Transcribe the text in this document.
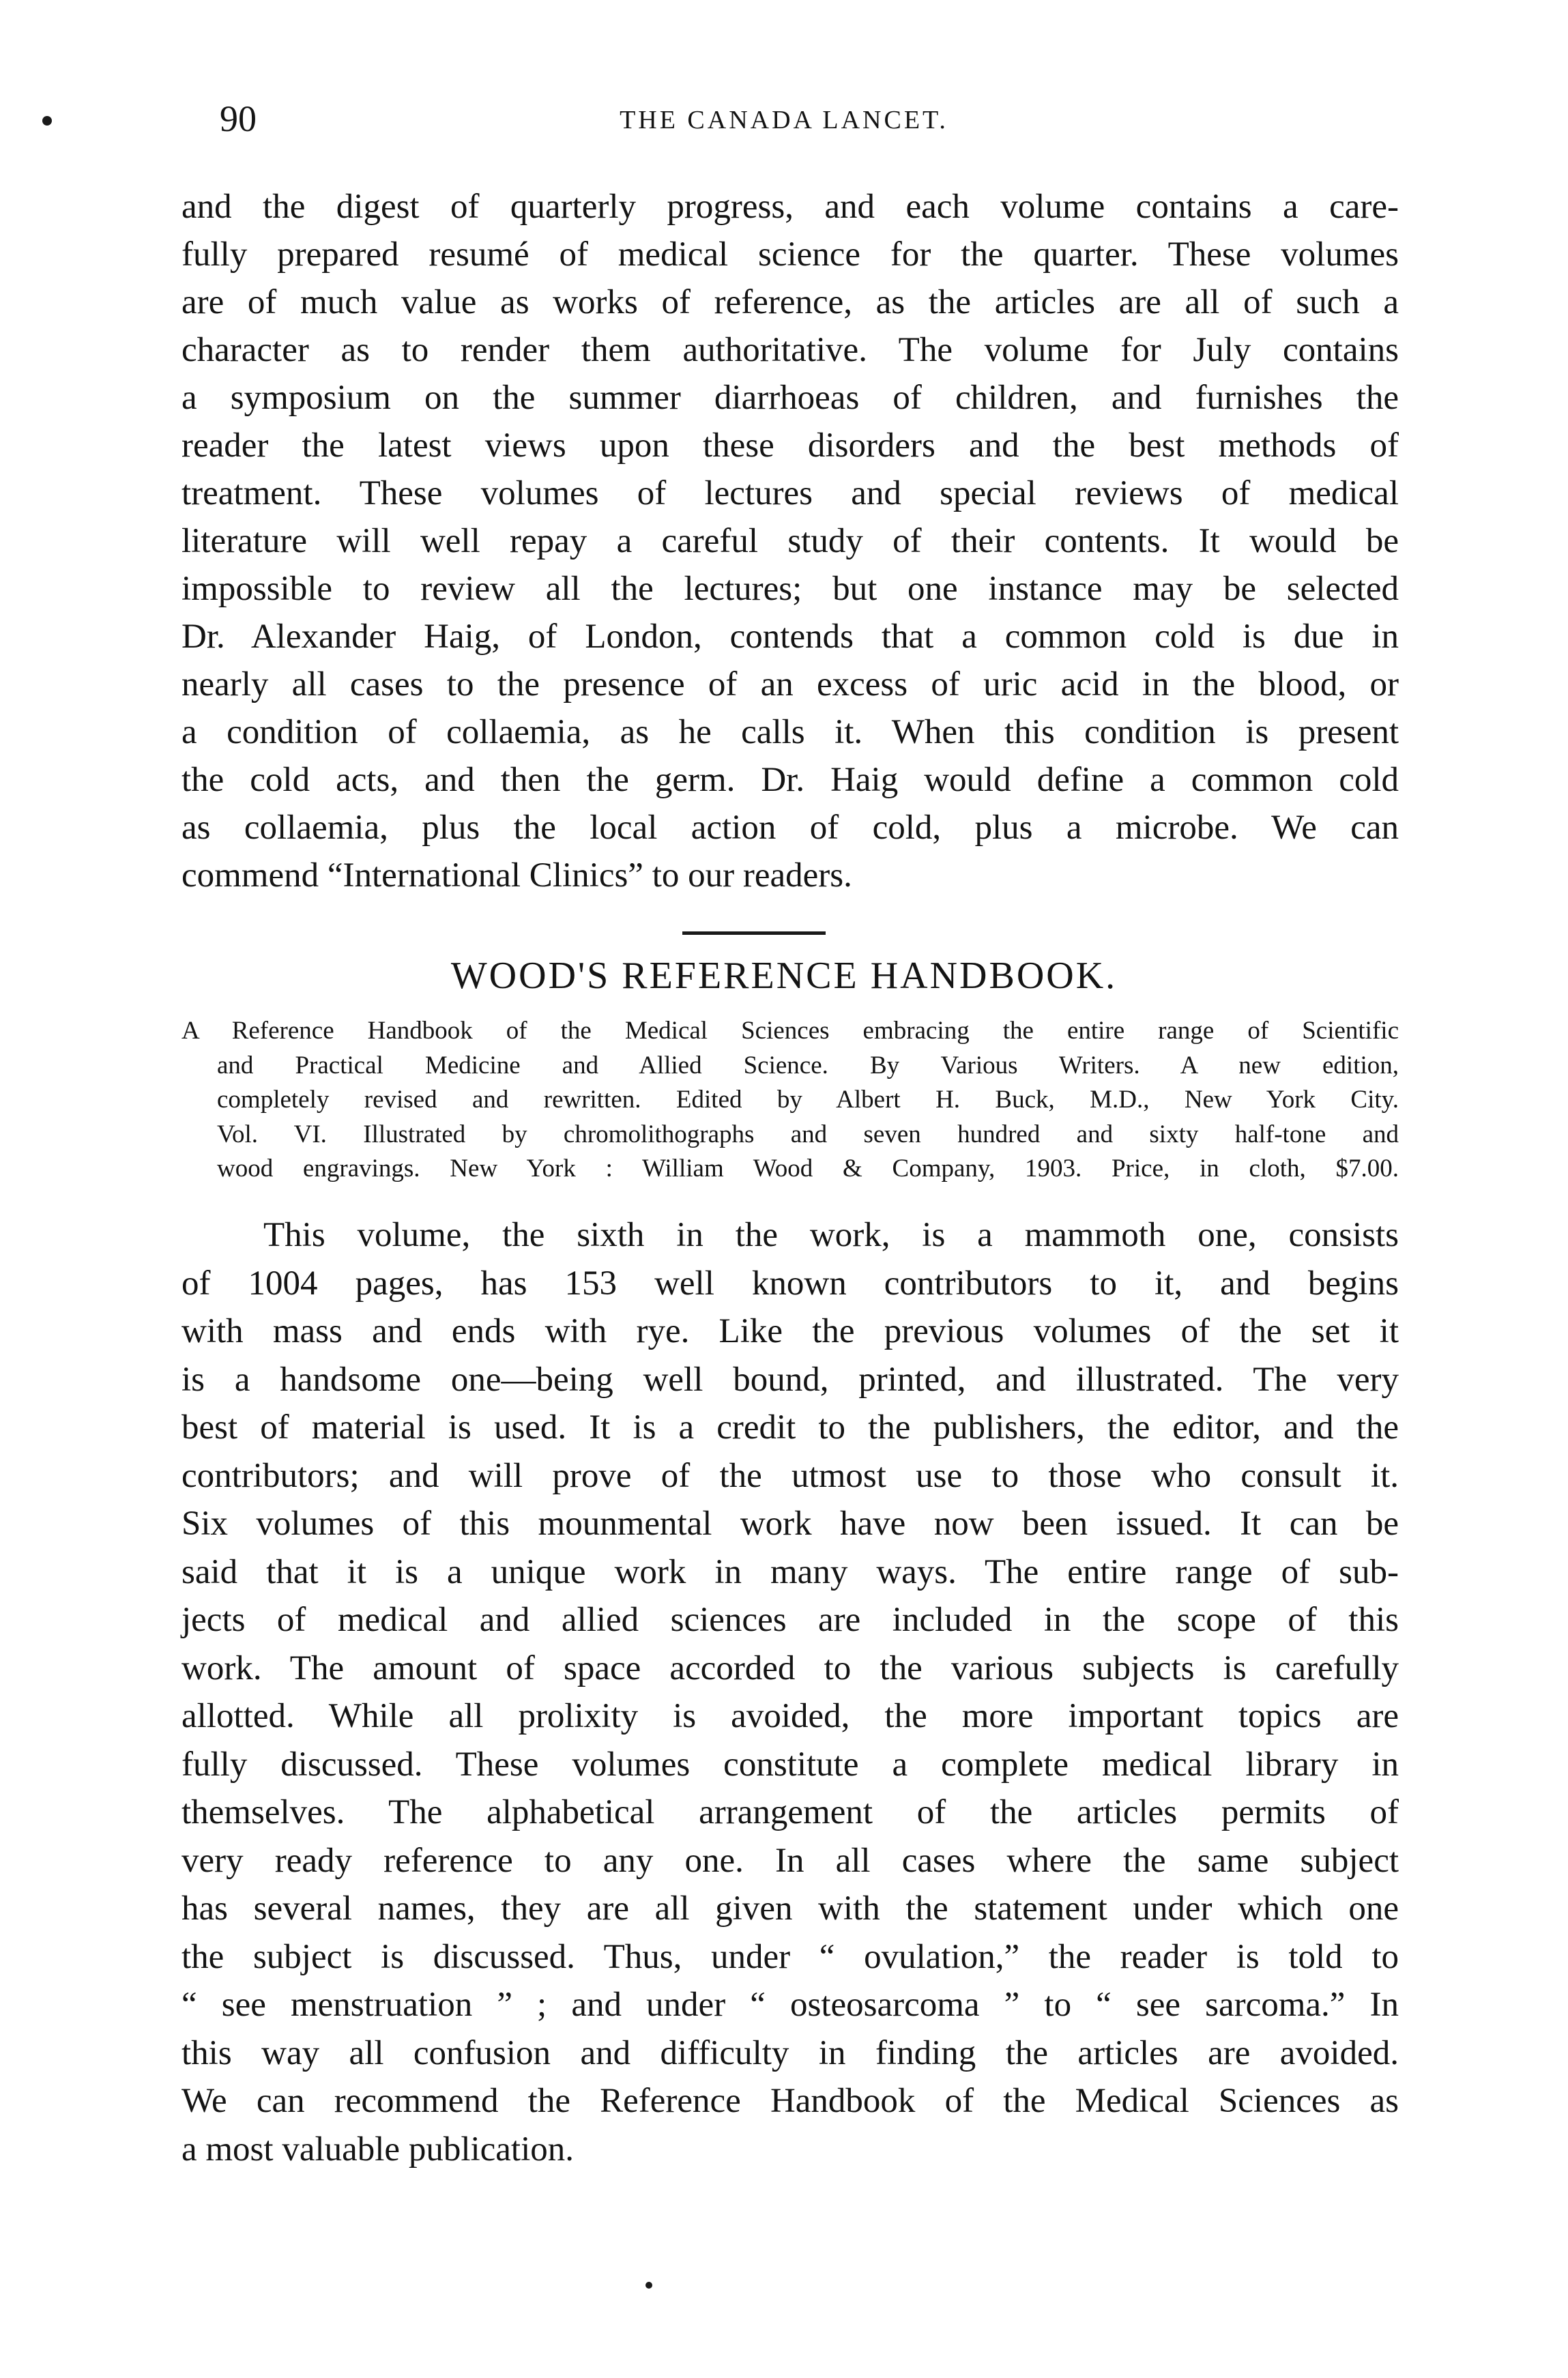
90	THE CANADA LANCET.
and the digest of quarterly progress, and each volume contains a care-
fully prepared resumé of medical science for the quarter. These volumes
are of much value as works of reference, as the articles are all of such a
character as to render them authoritative. The volume for July contains
a symposium on the summer diarrhoeas of children, and furnishes the
reader the latest views upon these disorders and the best methods of
treatment. These volumes of lectures and special reviews of medical
literature will well repay a careful study of their contents. It would be
impossible to review all the lectures; but one instance may be selected
Dr. Alexander Haig, of London, contends that a common cold is due in
nearly all cases to the presence of an excess of uric acid in the blood, or
a condition of collaemia, as he calls it. When this condition is present
the cold acts, and then the germ. Dr. Haig would define a common cold
as collaemia, plus the local action of cold, plus a microbe. We can
commend “International Clinics” to our readers.
WOOD'S REFERENCE HANDBOOK.
A Reference Handbook of the Medical Sciences embracing the entire range of Scientific
and Practical Medicine and Allied Science. By Various Writers. A new edition,
completely revised and rewritten. Edited by Albert H. Buck, M.D., New York City.
Vol. VI. Illustrated by chromolithographs and seven hundred and sixty half-tone and
wood engravings. New York : William Wood & Company, 1903. Price, in cloth, $7.00.
This volume, the sixth in the work, is a mammoth one, consists
of 1004 pages, has 153 well known contributors to it, and begins
with mass and ends with rye. Like the previous volumes of the set it
is a handsome one—being well bound, printed, and illustrated. The very
best of material is used. It is a credit to the publishers, the editor, and the
contributors; and will prove of the utmost use to those who consult it.
Six volumes of this mounmental work have now been issued. It can be
said that it is a unique work in many ways. The entire range of sub-
jects of medical and allied sciences are included in the scope of this
work. The amount of space accorded to the various subjects is carefully
allotted. While all prolixity is avoided, the more important topics are
fully discussed. These volumes constitute a complete medical library in
themselves. The alphabetical arrangement of the articles permits of
very ready reference to any one. In all cases where the same subject
has several names, they are all given with the statement under which one
the subject is discussed. Thus, under “ ovulation,” the reader is told to
“ see menstruation ” ; and under “ osteosarcoma ” to “ see sarcoma.” In
this way all confusion and difficulty in finding the articles are avoided.
We can recommend the Reference Handbook of the Medical Sciences as
a most valuable publication.
